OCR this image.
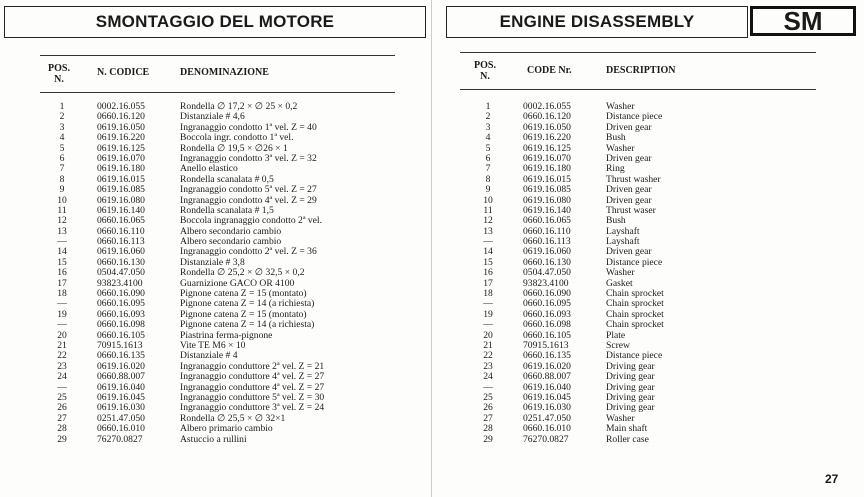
SMONTAGGIO DEL MOTORE
POS.
N.
N. CODICE	DENOMINAZIONE
1	0002.16.055	Rondella ∅ 17,2 × ∅ 25 × 0,2
2	0660.16.120	Distanziale # 4,6
3	0619.16.050	Ingranaggio condotto 1ª vel. Z = 40
4	0619.16.220	Boccola ingr. condotto 1ª vel.
5	0619.16.125	Rondella ∅ 19,5 × ∅26 × 1
6	0619.16.070	Ingranaggio condotto 3ª vel. Z = 32
7	0619.16.180	Anello elastico
8	0619.16.015	Rondella scanalata # 0,5
9	0619.16.085	Ingranaggio condotto 5ª vel. Z = 27
10	0619.16.080	Ingranaggio condotto 4ª vel. Z = 29
11	0619.16.140	Rondella scanalata # 1,5
12	0660.16.065	Boccola ingranaggio condotto 2ª vel.
13	0660.16.110	Albero secondario cambio
—	0660.16.113	Albero secondario cambio
14	0619.16.060	Ingranaggio condotto 2ª vel. Z = 36
15	0660.16.130	Distanziale # 3,8
16	0504.47.050	Rondella ∅ 25,2 × ∅ 32,5 × 0,2
17	93823.4100	Guarnizione GACO OR 4100
18	0660.16.090	Pignone catena Z = 15 (montato)
—	0660.16.095	Pignone catena Z = 14 (a richiesta)
19	0660.16.093	Pignone catena Z = 15 (montato)
—	0660.16.098	Pignone catena Z = 14 (a richiesta)
20	0660.16.105	Piastrina ferma-pignone
21	70915.1613	Vite TE M6 × 10
22	0660.16.135	Distanziale # 4
23	0619.16.020	Ingranaggio conduttore 2ª vel. Z = 21
24	0660.88.007	Ingranaggio conduttore 4ª vel. Z = 27
—	0619.16.040	Ingranaggio conduttore 4ª vel. Z = 27
25	0619.16.045	Ingranaggio conduttore 5ª vel. Z = 30
26	0619.16.030	Ingranaggio conduttore 3ª vel. Z = 24
27	0251.47.050	Rondella ∅ 25,5 × ∅ 32×1
28	0660.16.010	Albero primario cambio
29	76270.0827	Astuccio a rullini
ENGINE DISASSEMBLY
POS.
N.
CODE Nr.	DESCRIPTION
1	0002.16.055	Washer
2	0660.16.120	Distance piece
3	0619.16.050	Driven gear
4	0619.16.220	Bush
5	0619.16.125	Washer
6	0619.16.070	Driven gear
7	0619.16.180	Ring
8	0619.16.015	Thrust washer
9	0619.16.085	Driven gear
10	0619.16.080	Driven gear
11	0619.16.140	Thrust waser
12	0660.16.065	Bush
13	0660.16.110	Layshaft
—	0660.16.113	Layshaft
14	0619.16.060	Driven gear
15	0660.16.130	Distance piece
16	0504.47.050	Washer
17	93823.4100	Gasket
18	0660.16.090	Chain sprocket
—	0660.16.095	Chain sprocket
19	0660.16.093	Chain sprocket
—	0660.16.098	Chain sprocket
20	0660.16.105	Plate
21	70915.1613	Screw
22	0660.16.135	Distance piece
23	0619.16.020	Driving gear
24	0660.88.007	Driving gear
—	0619.16.040	Driving gear
25	0619.16.045	Driving gear
26	0619.16.030	Driving gear
27	0251.47.050	Washer
28	0660.16.010	Main shaft
29	76270.0827	Roller case
SM
27
